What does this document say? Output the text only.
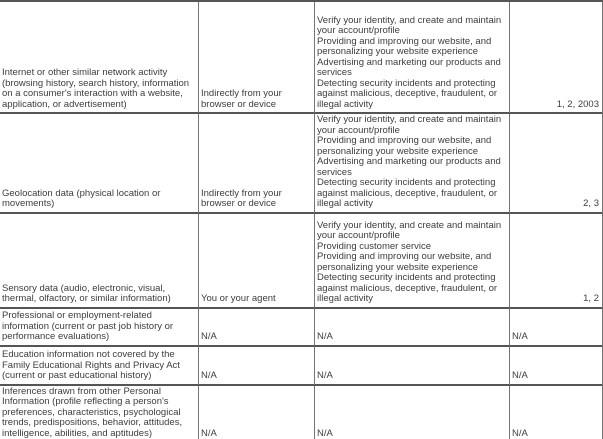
Internet or other similar network activity (browsing history, search history, information on a consumer's interaction with a website, application, or advertisement)	Indirectly from your browser or device	Verify your identity, and create and maintain your account/profile
Providing and improving our website, and personalizing your website experience
Advertising and marketing our products and services
Detecting security incidents and protecting against malicious, deceptive, fraudulent, or illegal activity	1, 2, 2003
Geolocation data (physical location or movements)	Indirectly from your browser or device	Verify your identity, and create and maintain your account/profile
Providing and improving our website, and personalizing your website experience
Advertising and marketing our products and services
Detecting security incidents and protecting against malicious, deceptive, fraudulent, or illegal activity	2, 3
Sensory data (audio, electronic, visual, thermal, olfactory, or similar information)	You or your agent	Verify your identity, and create and maintain your account/profile
Providing customer service
Providing and improving our website, and personalizing your website experience
Detecting security incidents and protecting against malicious, deceptive, fraudulent, or illegal activity	1, 2
Professional or employment-related information (current or past job history or performance evaluations)	N/A	N/A	N/A
Education information not covered by the Family Educational Rights and Privacy Act (current or past educational history)	N/A	N/A	N/A
Inferences drawn from other Personal Information (profile reflecting a person's preferences, characteristics, psychological trends, predispositions, behavior, attitudes, intelligence, abilities, and aptitudes)	N/A	N/A	N/A
